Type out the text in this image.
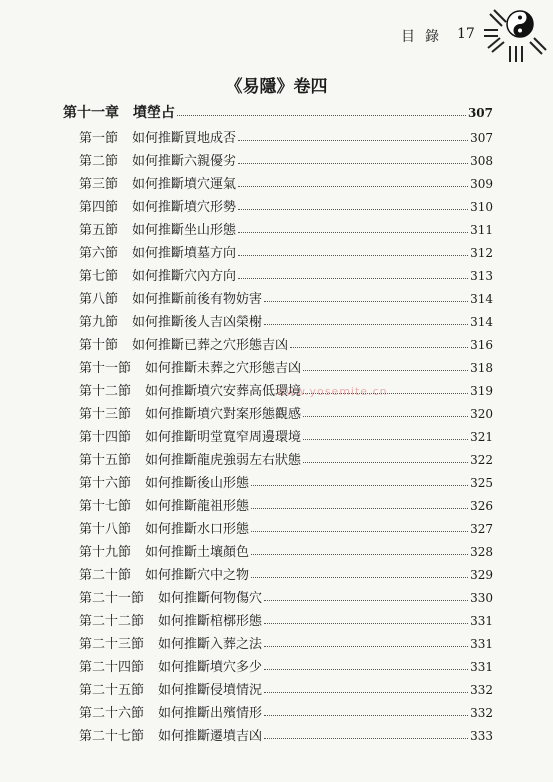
目錄 17
《易隱》卷四
第十一章 墳塋占	307
第一節 如何推斷買地成否	307
第二節 如何推斷六親優劣	308
第三節 如何推斷墳穴運氣	309
第四節 如何推斷墳穴形勢	310
第五節 如何推斷坐山形態	311
第六節 如何推斷墳墓方向	312
第七節 如何推斷穴內方向	313
第八節 如何推斷前後有物妨害	314
第九節 如何推斷後人吉凶榮榭	314
第十節 如何推斷已葬之穴形態吉凶	316
第十一節 如何推斷未葬之穴形態吉凶	318
第十二節 如何推斷墳穴安葬高低環境	319
第十三節 如何推斷墳穴對案形態觀感	320
第十四節 如何推斷明堂寬窄周邊環境	321
第十五節 如何推斷龍虎強弱左右狀態	322
第十六節 如何推斷後山形態	325
第十七節 如何推斷龍祖形態	326
第十八節 如何推斷水口形態	327
第十九節 如何推斷土壤顏色	328
第二十節 如何推斷穴中之物	329
第二十一節 如何推斷何物傷穴	330
第二十二節 如何推斷棺槨形態	331
第二十三節 如何推斷入葬之法	331
第二十四節 如何推斷墳穴多少	331
第二十五節 如何推斷侵墳情況	332
第二十六節 如何推斷出殯情形	332
第二十七節 如何推斷遷墳吉凶	333
www.yosemite.cn
